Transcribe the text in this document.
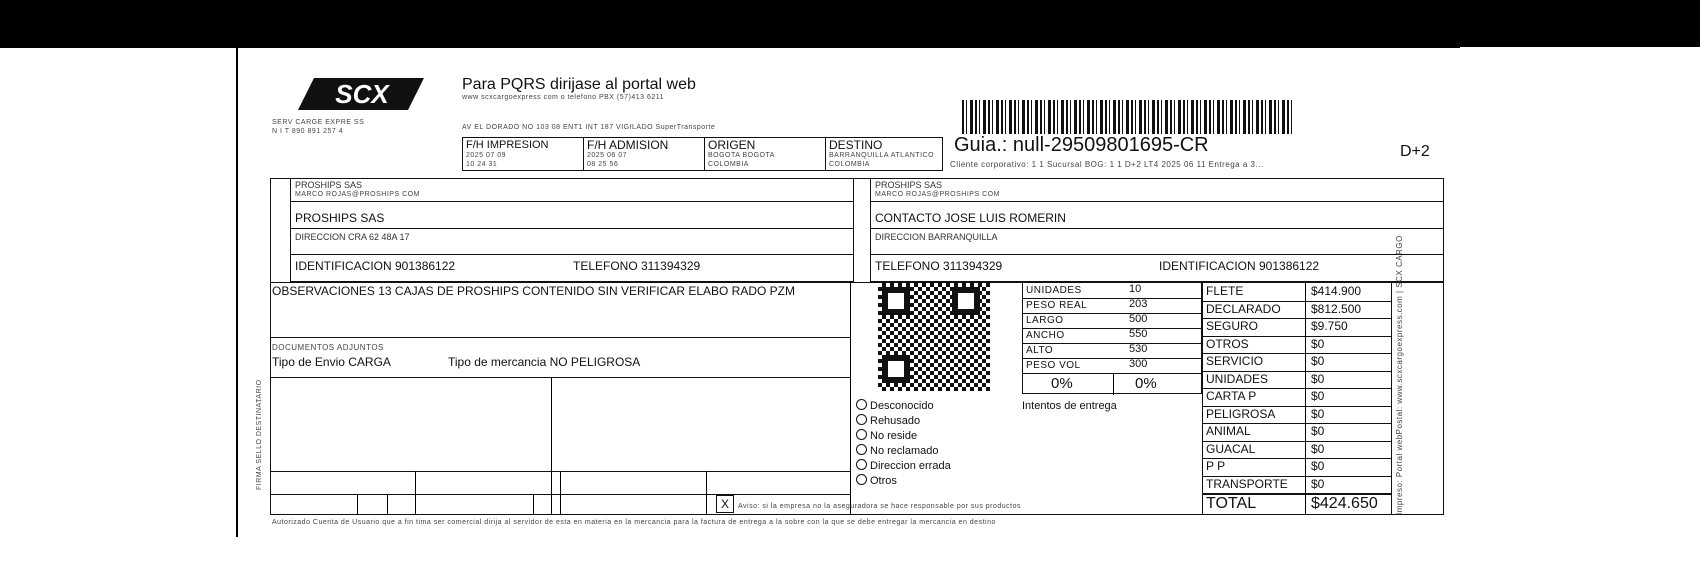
SCX
SERV CARGE EXPRE SS
N I T 890 891 257 4
Para PQRS dirijase al portal web
www scxcargoexpress com o telefono PBX (57)413 6211
AV EL DORADO NO 103 08 ENT1 INT 187 VIGILADO SuperTransporte
Guia.: null-29509801695-CR	D+2
Cliente corporativo: 1 1 Sucursal BOG: 1 1 D+2 LT4 2025 06 11 Entrega a 3...
F/H IMPRESION
2025 07 09
10 24 31
F/H ADMISION
2025 06 07
08 25 56
ORIGEN
BOGOTA BOGOTA
COLOMBIA
DESTINO
BARRANQUILLA ATLANTICO
COLOMBIA
PROSHIPS SAS
MARCO ROJAS@PROSHIPS COM
PROSHIPS SAS
DIRECCION CRA 62 48A 17
IDENTIFICACION 901386122	TELEFONO 311394329
PROSHIPS SAS
MARCO ROJAS@PROSHIPS COM
CONTACTO JOSE LUIS ROMERIN
DIRECCION BARRANQUILLA
TELEFONO 311394329	IDENTIFICACION 901386122
OBSERVACIONES 13 CAJAS DE PROSHIPS CONTENIDO SIN VERIFICAR ELABO RADO PZM
DOCUMENTOS ADJUNTOS
Tipo de Envio CARGA	Tipo de mercancia NO PELIGROSA
X Aviso: si la empresa no la aseguradora se hace responsable por sus productos
Autorizado Cuenta de Usuario que a fin tima ser comercial dirija al servidor de esta en materia en la mercancia para la factura de entrega a la sobre con la que se debe entregar la mercancia en destino
UNIDADES	10
PESO REAL	203
LARGO	500
ANCHO	550
ALTO	530
PESO VOL	300
0%	0%
Intentos de entrega
Desconocido
Rehusado
No reside
No reclamado
Direccion errada
Otros
FLETE	$414.900
DECLARADO	$812.500
SEGURO	$9.750
OTROS	$0
SERVICIO	$0
UNIDADES	$0
CARTA P	$0
PELIGROSA	$0
ANIMAL	$0
GUACAL	$0
P P	$0
TRANSPORTE $0
TOTAL	$424.650 Impreso: Portal webPostal: www.scxcargoexpress.com | SCX CARGO
FIRMA SELLO DESTINATARIO
